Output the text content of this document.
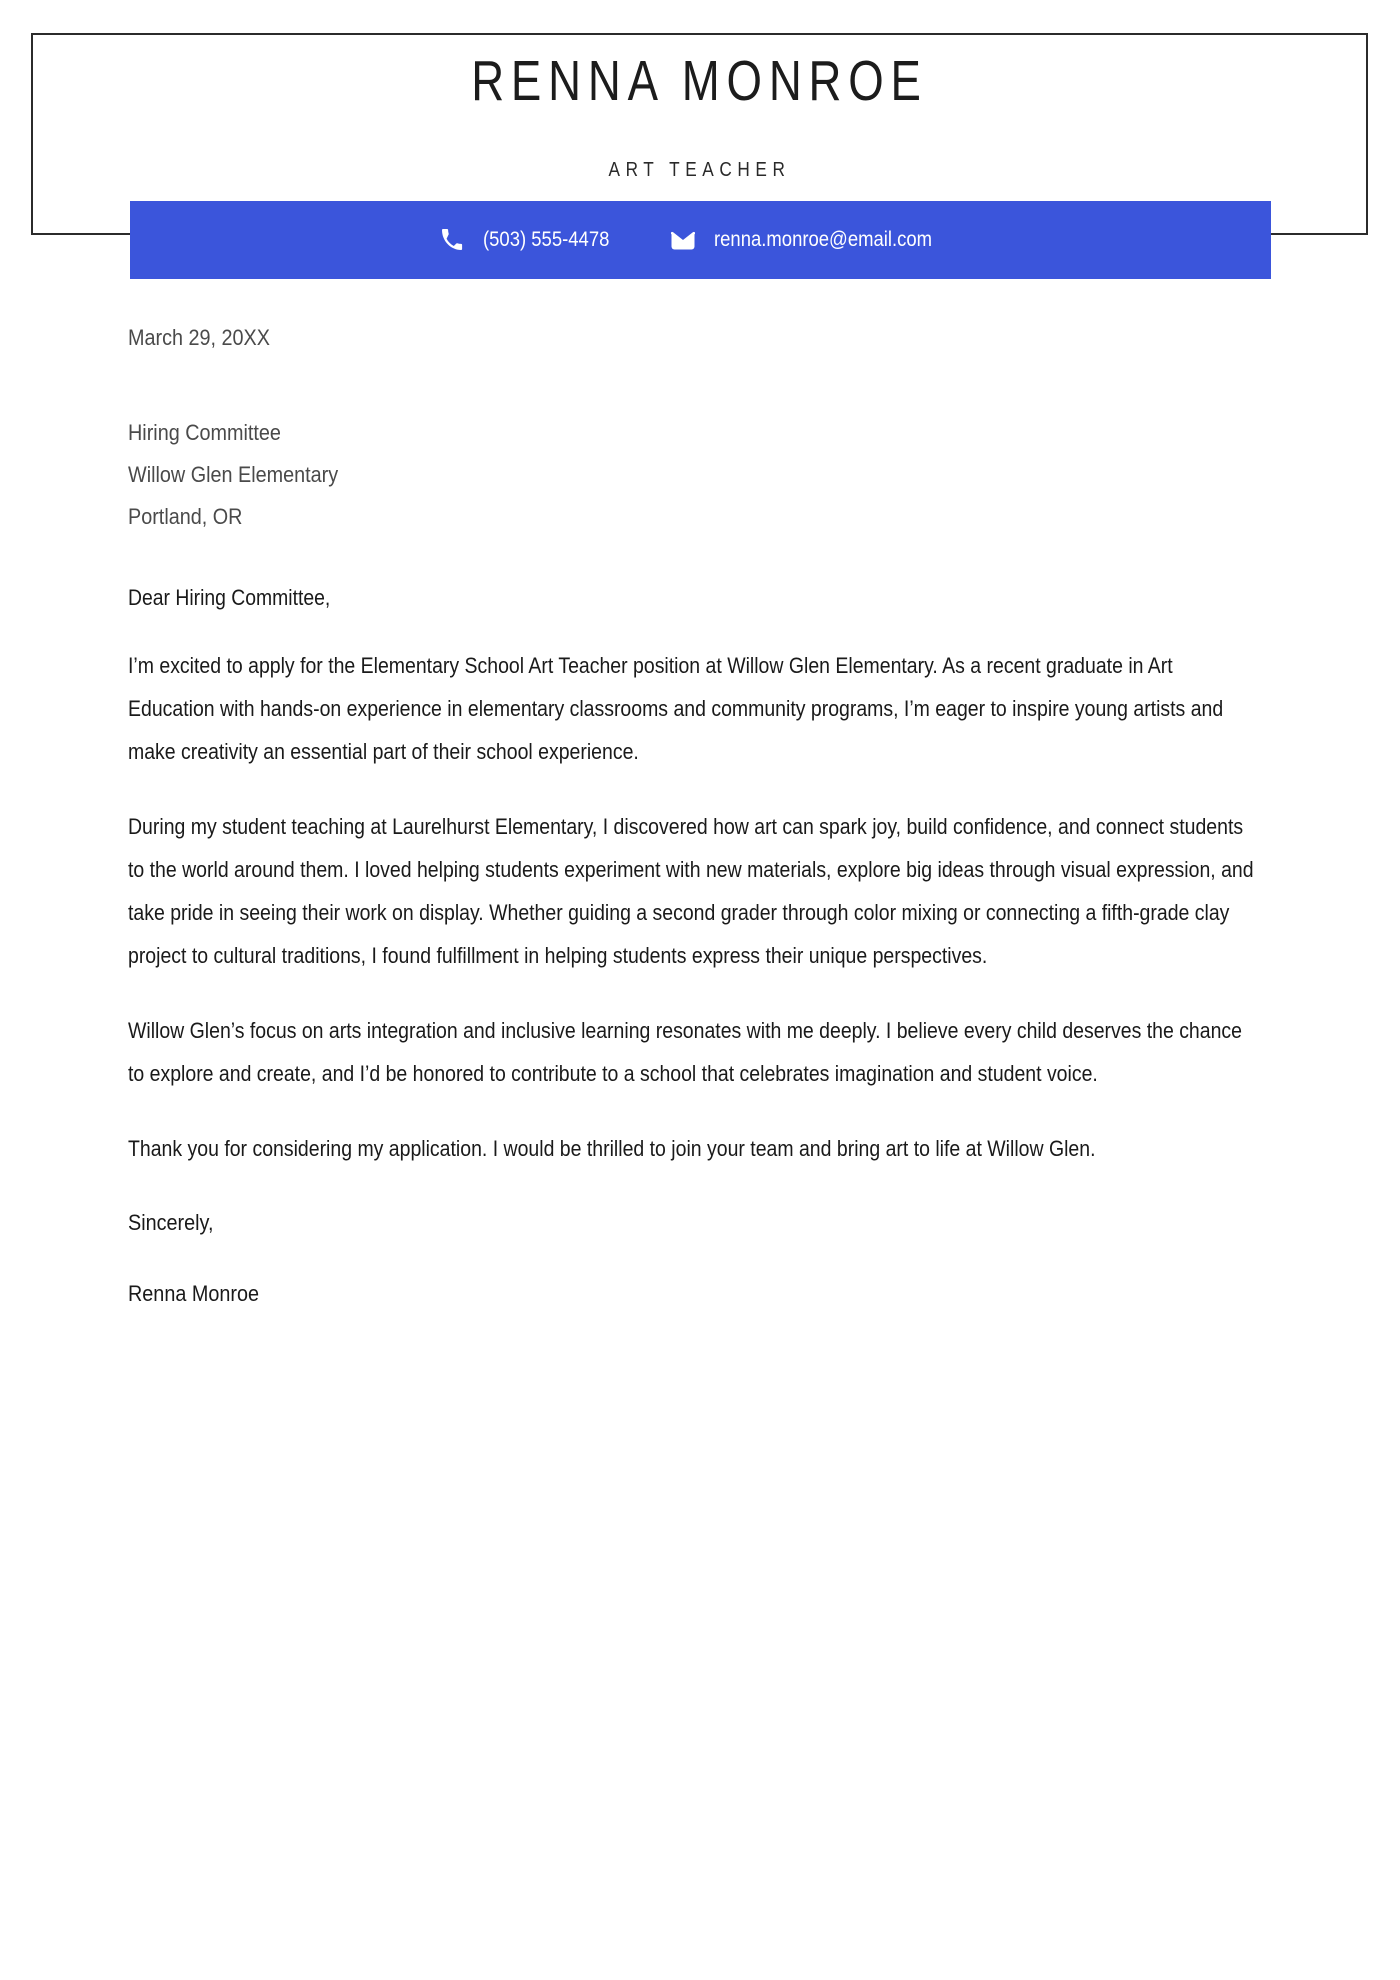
RENNA MONROE
ART TEACHER
(503) 555-4478	renna.monroe@email.com
March 29, 20XX
Hiring Committee
Willow Glen Elementary
Portland, OR
Dear Hiring Committee,

I’m excited to apply for the Elementary School Art Teacher position at Willow Glen Elementary. As a recent graduate in Art Education with hands-on experience in elementary classrooms and community programs, I’m eager to inspire young artists and make creativity an essential part of their school experience.

During my student teaching at Laurelhurst Elementary, I discovered how art can spark joy, build confidence, and connect students to the world around them. I loved helping students experiment with new materials, explore big ideas through visual expression, and take pride in seeing their work on display. Whether guiding a second grader through color mixing or connecting a fifth-grade clay project to cultural traditions, I found fulfillment in helping students express their unique perspectives.

Willow Glen’s focus on arts integration and inclusive learning resonates with me deeply. I believe every child deserves the chance to explore and create, and I’d be honored to contribute to a school that celebrates imagination and student voice.

Thank you for considering my application. I would be thrilled to join your team and bring art to life at Willow Glen.

Sincerely,
Renna Monroe
